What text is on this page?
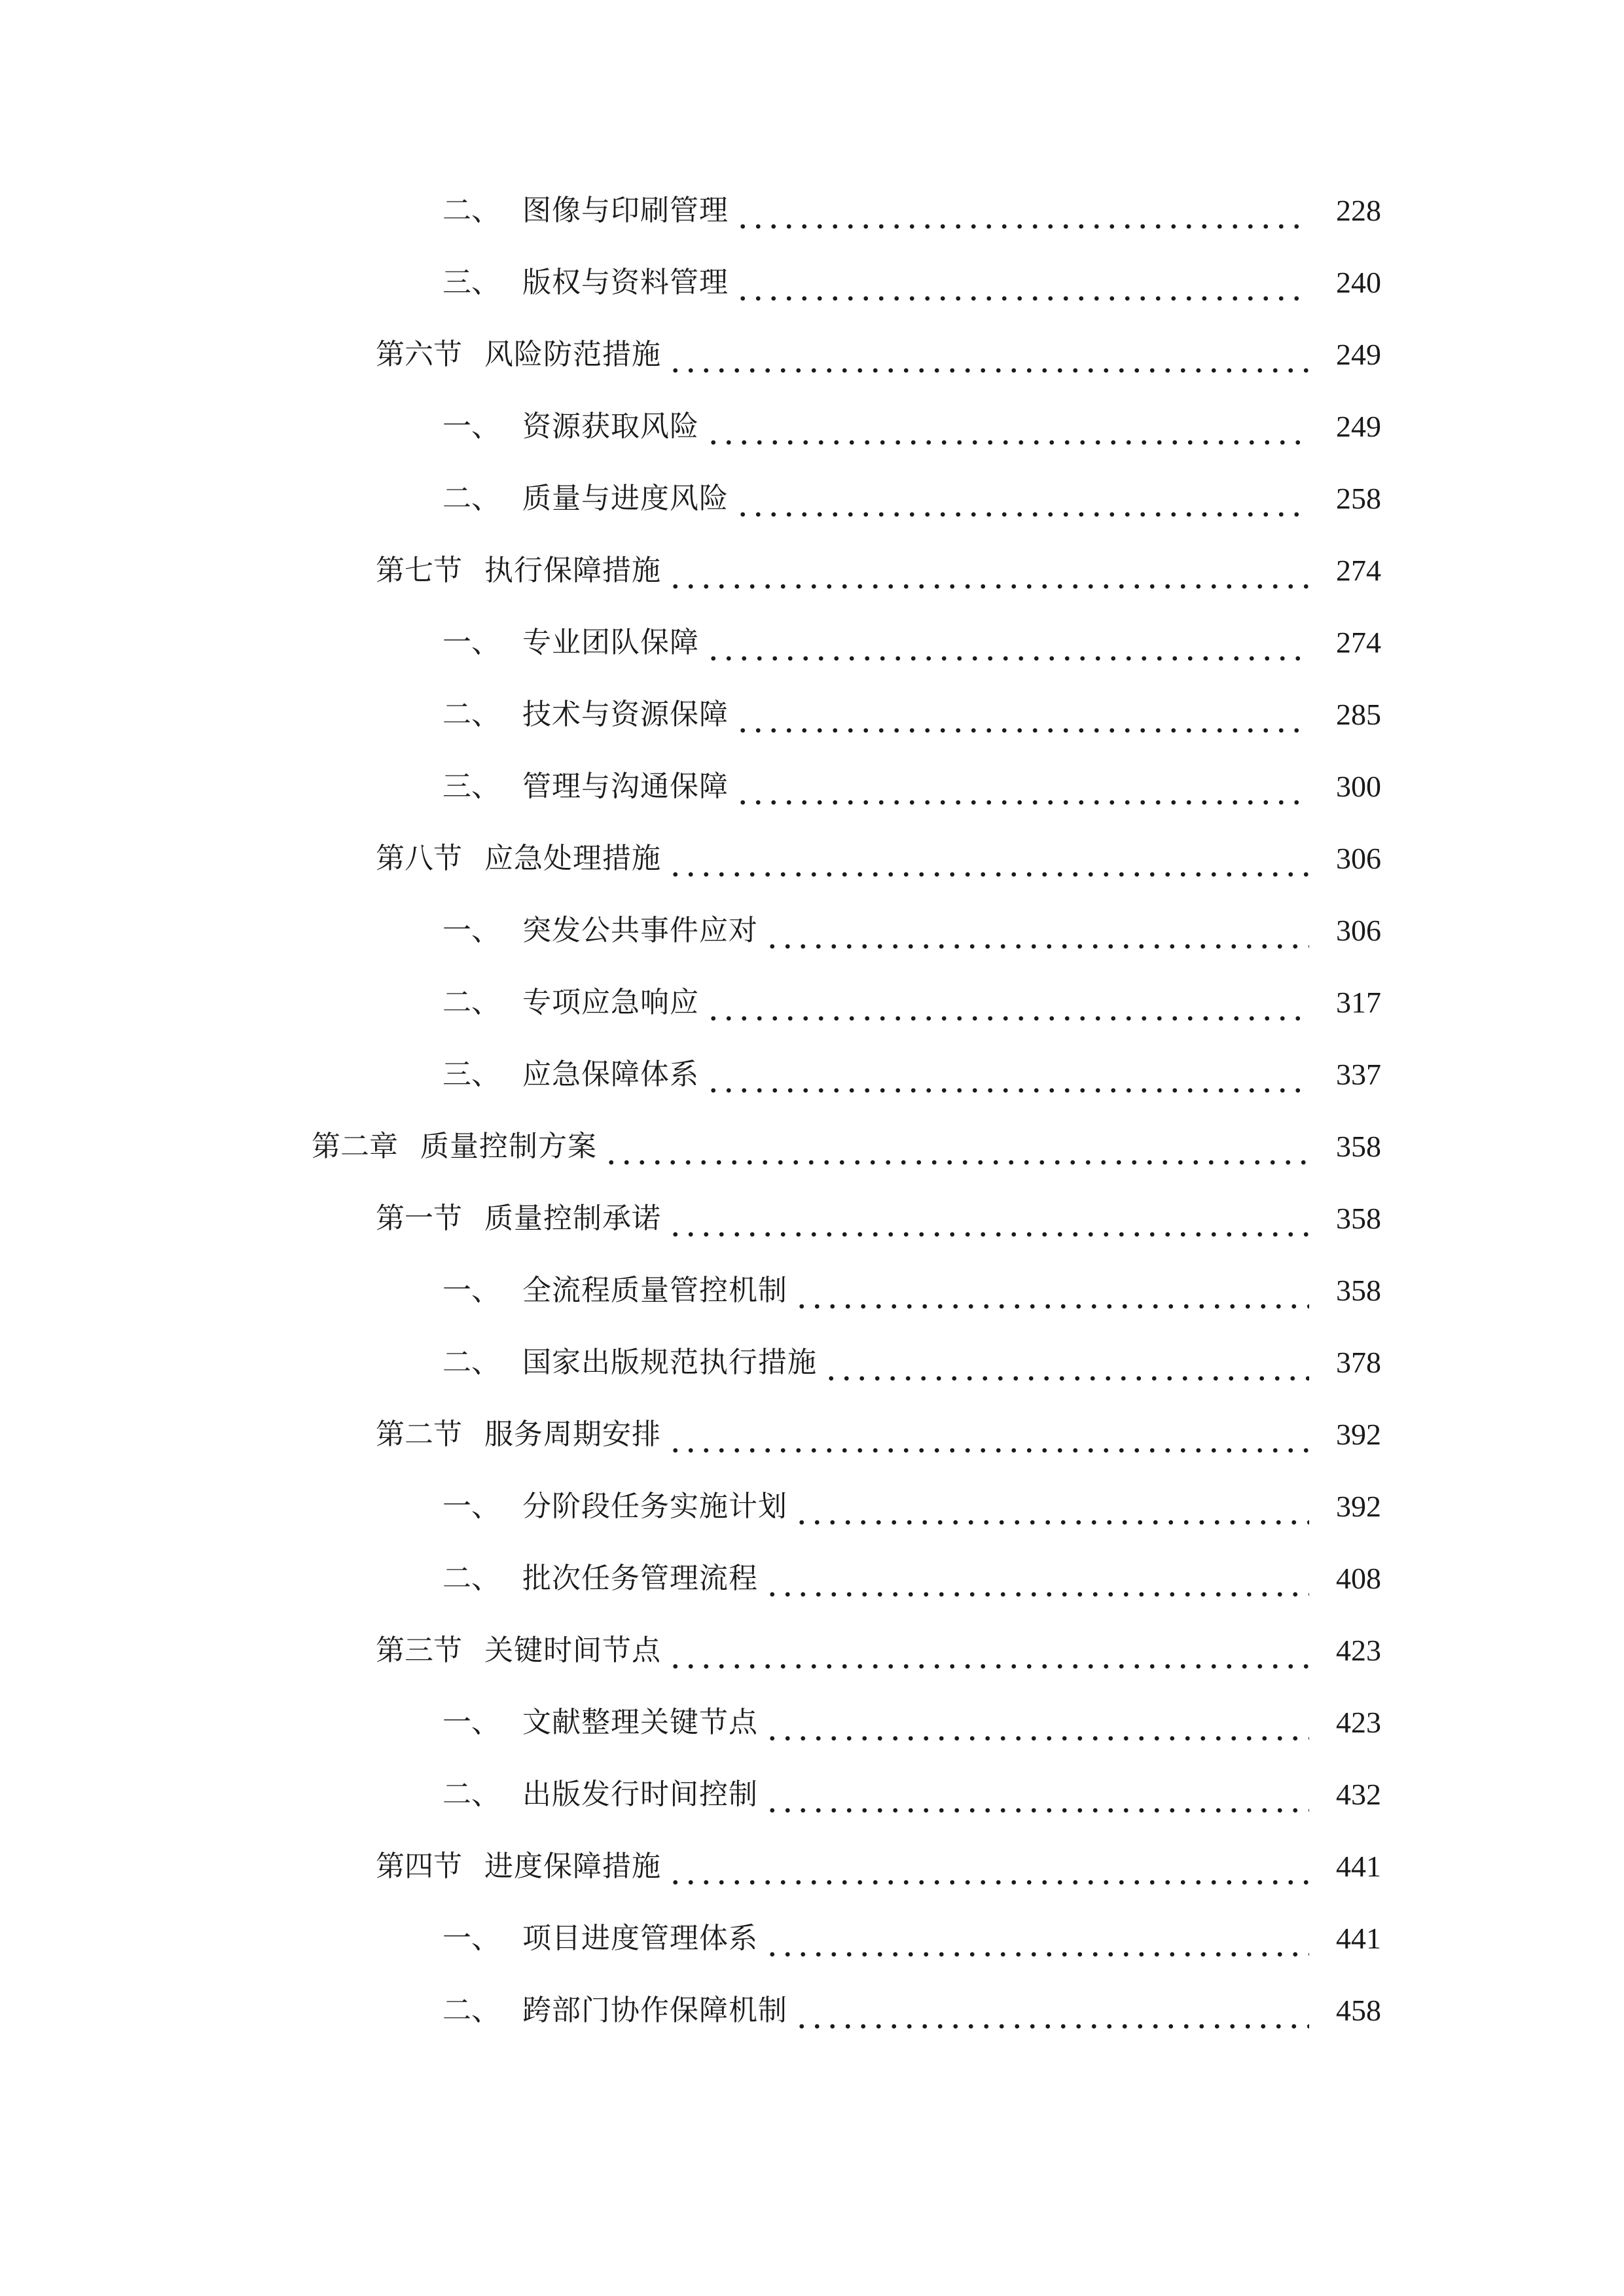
二、 图像与印刷管理	228
三、 版权与资料管理	240
第六节 风险防范措施	249
一、 资源获取风险	249
二、 质量与进度风险	258
第七节 执行保障措施	274
一、 专业团队保障	274
二、 技术与资源保障	285
三、 管理与沟通保障	300
第八节 应急处理措施	306
一、 突发公共事件应对	306
二、 专项应急响应	317
三、 应急保障体系	337
第二章 质量控制方案	358
第一节 质量控制承诺	358
一、 全流程质量管控机制	358
二、 国家出版规范执行措施	378
第二节 服务周期安排	392
一、 分阶段任务实施计划	392
二、 批次任务管理流程	408
第三节 关键时间节点	423
一、 文献整理关键节点	423
二、 出版发行时间控制	432
第四节 进度保障措施	441
一、 项目进度管理体系	441
二、 跨部门协作保障机制	458
